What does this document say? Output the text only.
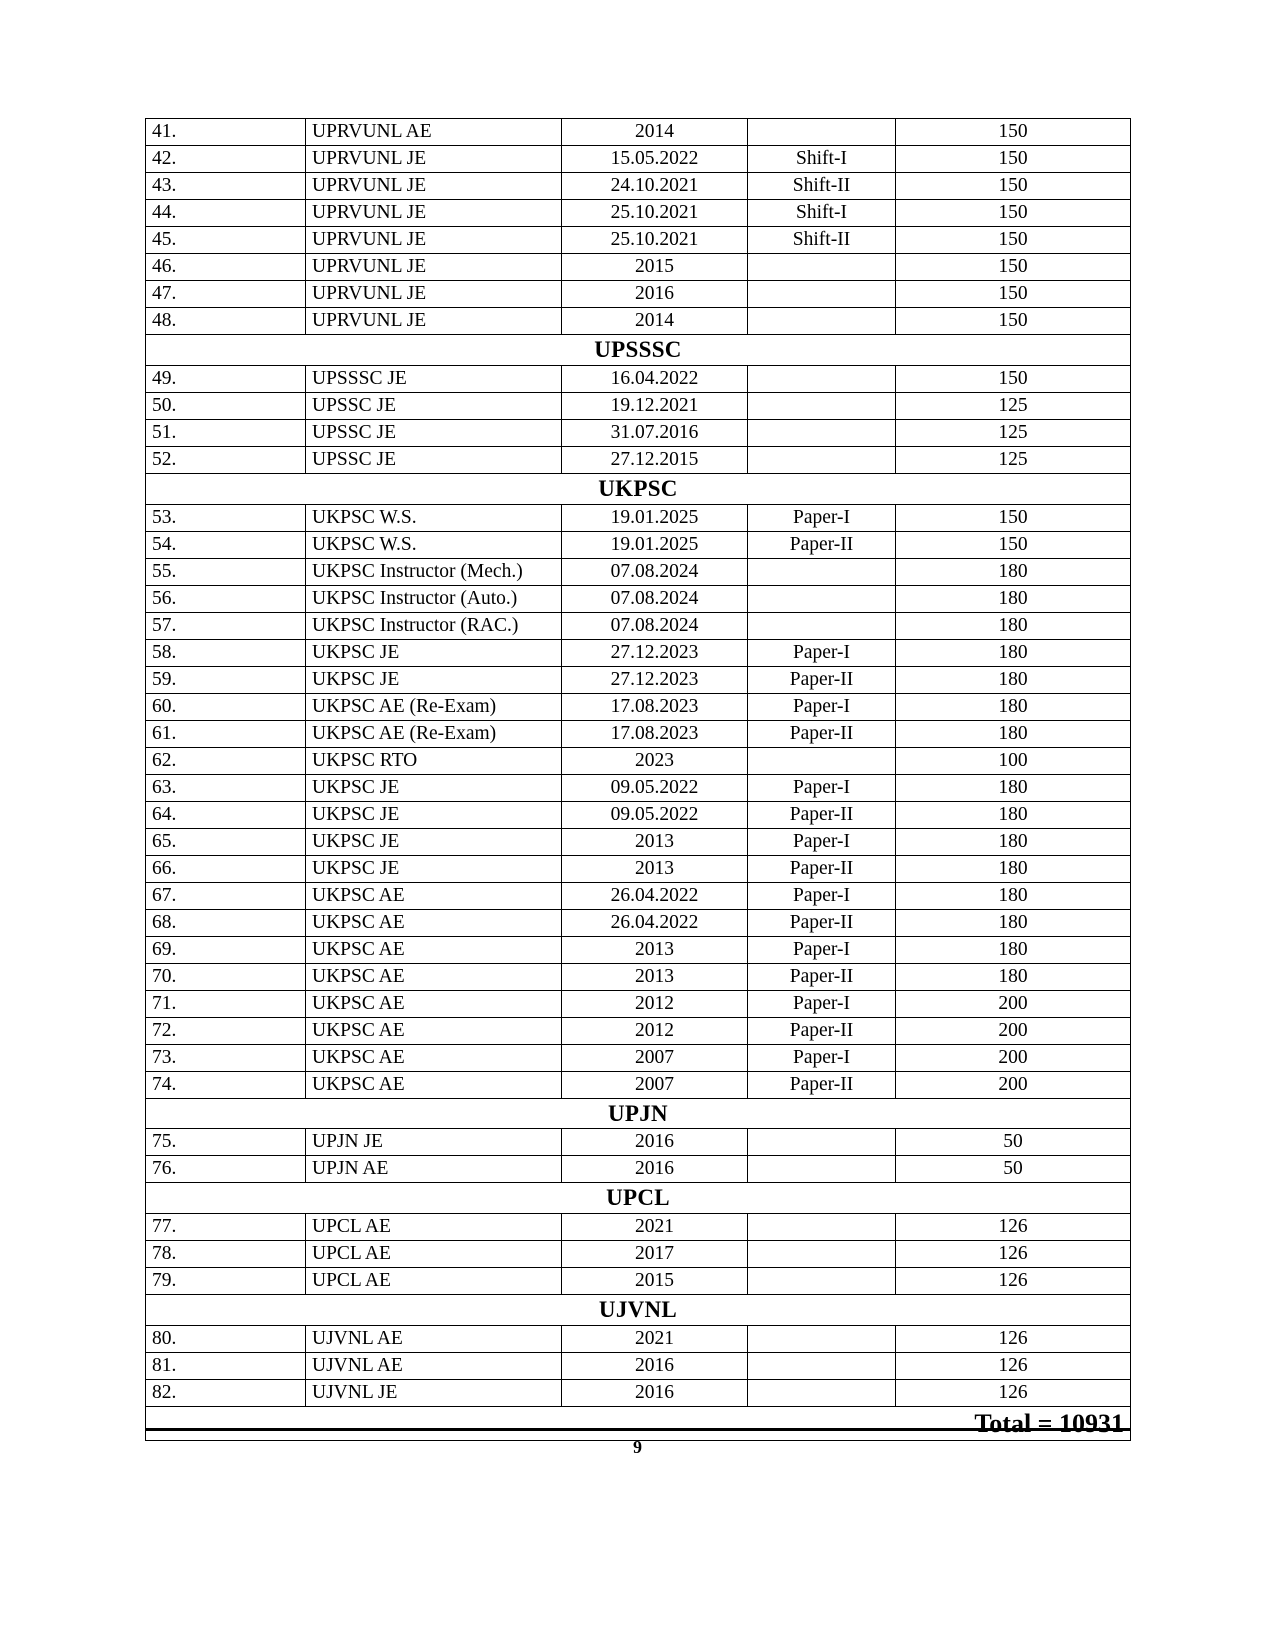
41.	UPRVUNL AE	2014		150
42.	UPRVUNL JE	15.05.2022	Shift-I	150
43.	UPRVUNL JE	24.10.2021	Shift-II	150
44.	UPRVUNL JE	25.10.2021	Shift-I	150
45.	UPRVUNL JE	25.10.2021	Shift-II	150
46.	UPRVUNL JE	2015		150
47.	UPRVUNL JE	2016		150
48.	UPRVUNL JE	2014		150
UPSSSC				
49.	UPSSSC JE	16.04.2022		150
50.	UPSSC JE	19.12.2021		125
51.	UPSSC JE	31.07.2016		125
52.	UPSSC JE	27.12.2015		125
UKPSC				
53.	UKPSC W.S.	19.01.2025	Paper-I	150
54.	UKPSC W.S.	19.01.2025	Paper-II	150
55.	UKPSC Instructor (Mech.)	07.08.2024		180
56.	UKPSC Instructor (Auto.)	07.08.2024		180
57.	UKPSC Instructor (RAC.)	07.08.2024		180
58.	UKPSC JE	27.12.2023	Paper-I	180
59.	UKPSC JE	27.12.2023	Paper-II	180
60.	UKPSC AE (Re-Exam)	17.08.2023	Paper-I	180
61.	UKPSC AE (Re-Exam)	17.08.2023	Paper-II	180
62.	UKPSC RTO	2023		100
63.	UKPSC JE	09.05.2022	Paper-I	180
64.	UKPSC JE	09.05.2022	Paper-II	180
65.	UKPSC JE	2013	Paper-I	180
66.	UKPSC JE	2013	Paper-II	180
67.	UKPSC AE	26.04.2022	Paper-I	180
68.	UKPSC AE	26.04.2022	Paper-II	180
69.	UKPSC AE	2013	Paper-I	180
70.	UKPSC AE	2013	Paper-II	180
71.	UKPSC AE	2012	Paper-I	200
72.	UKPSC AE	2012	Paper-II	200
73.	UKPSC AE	2007	Paper-I	200
74.	UKPSC AE	2007	Paper-II	200
UPJN				
75.	UPJN JE	2016		50
76.	UPJN AE	2016		50
UPCL				
77.	UPCL AE	2021		126
78.	UPCL AE	2017		126
79.	UPCL AE	2015		126
UJVNL				
80.	UJVNL AE	2021		126
81.	UJVNL AE	2016		126
82.	UJVNL JE	2016		126
Total = 10931				
9
